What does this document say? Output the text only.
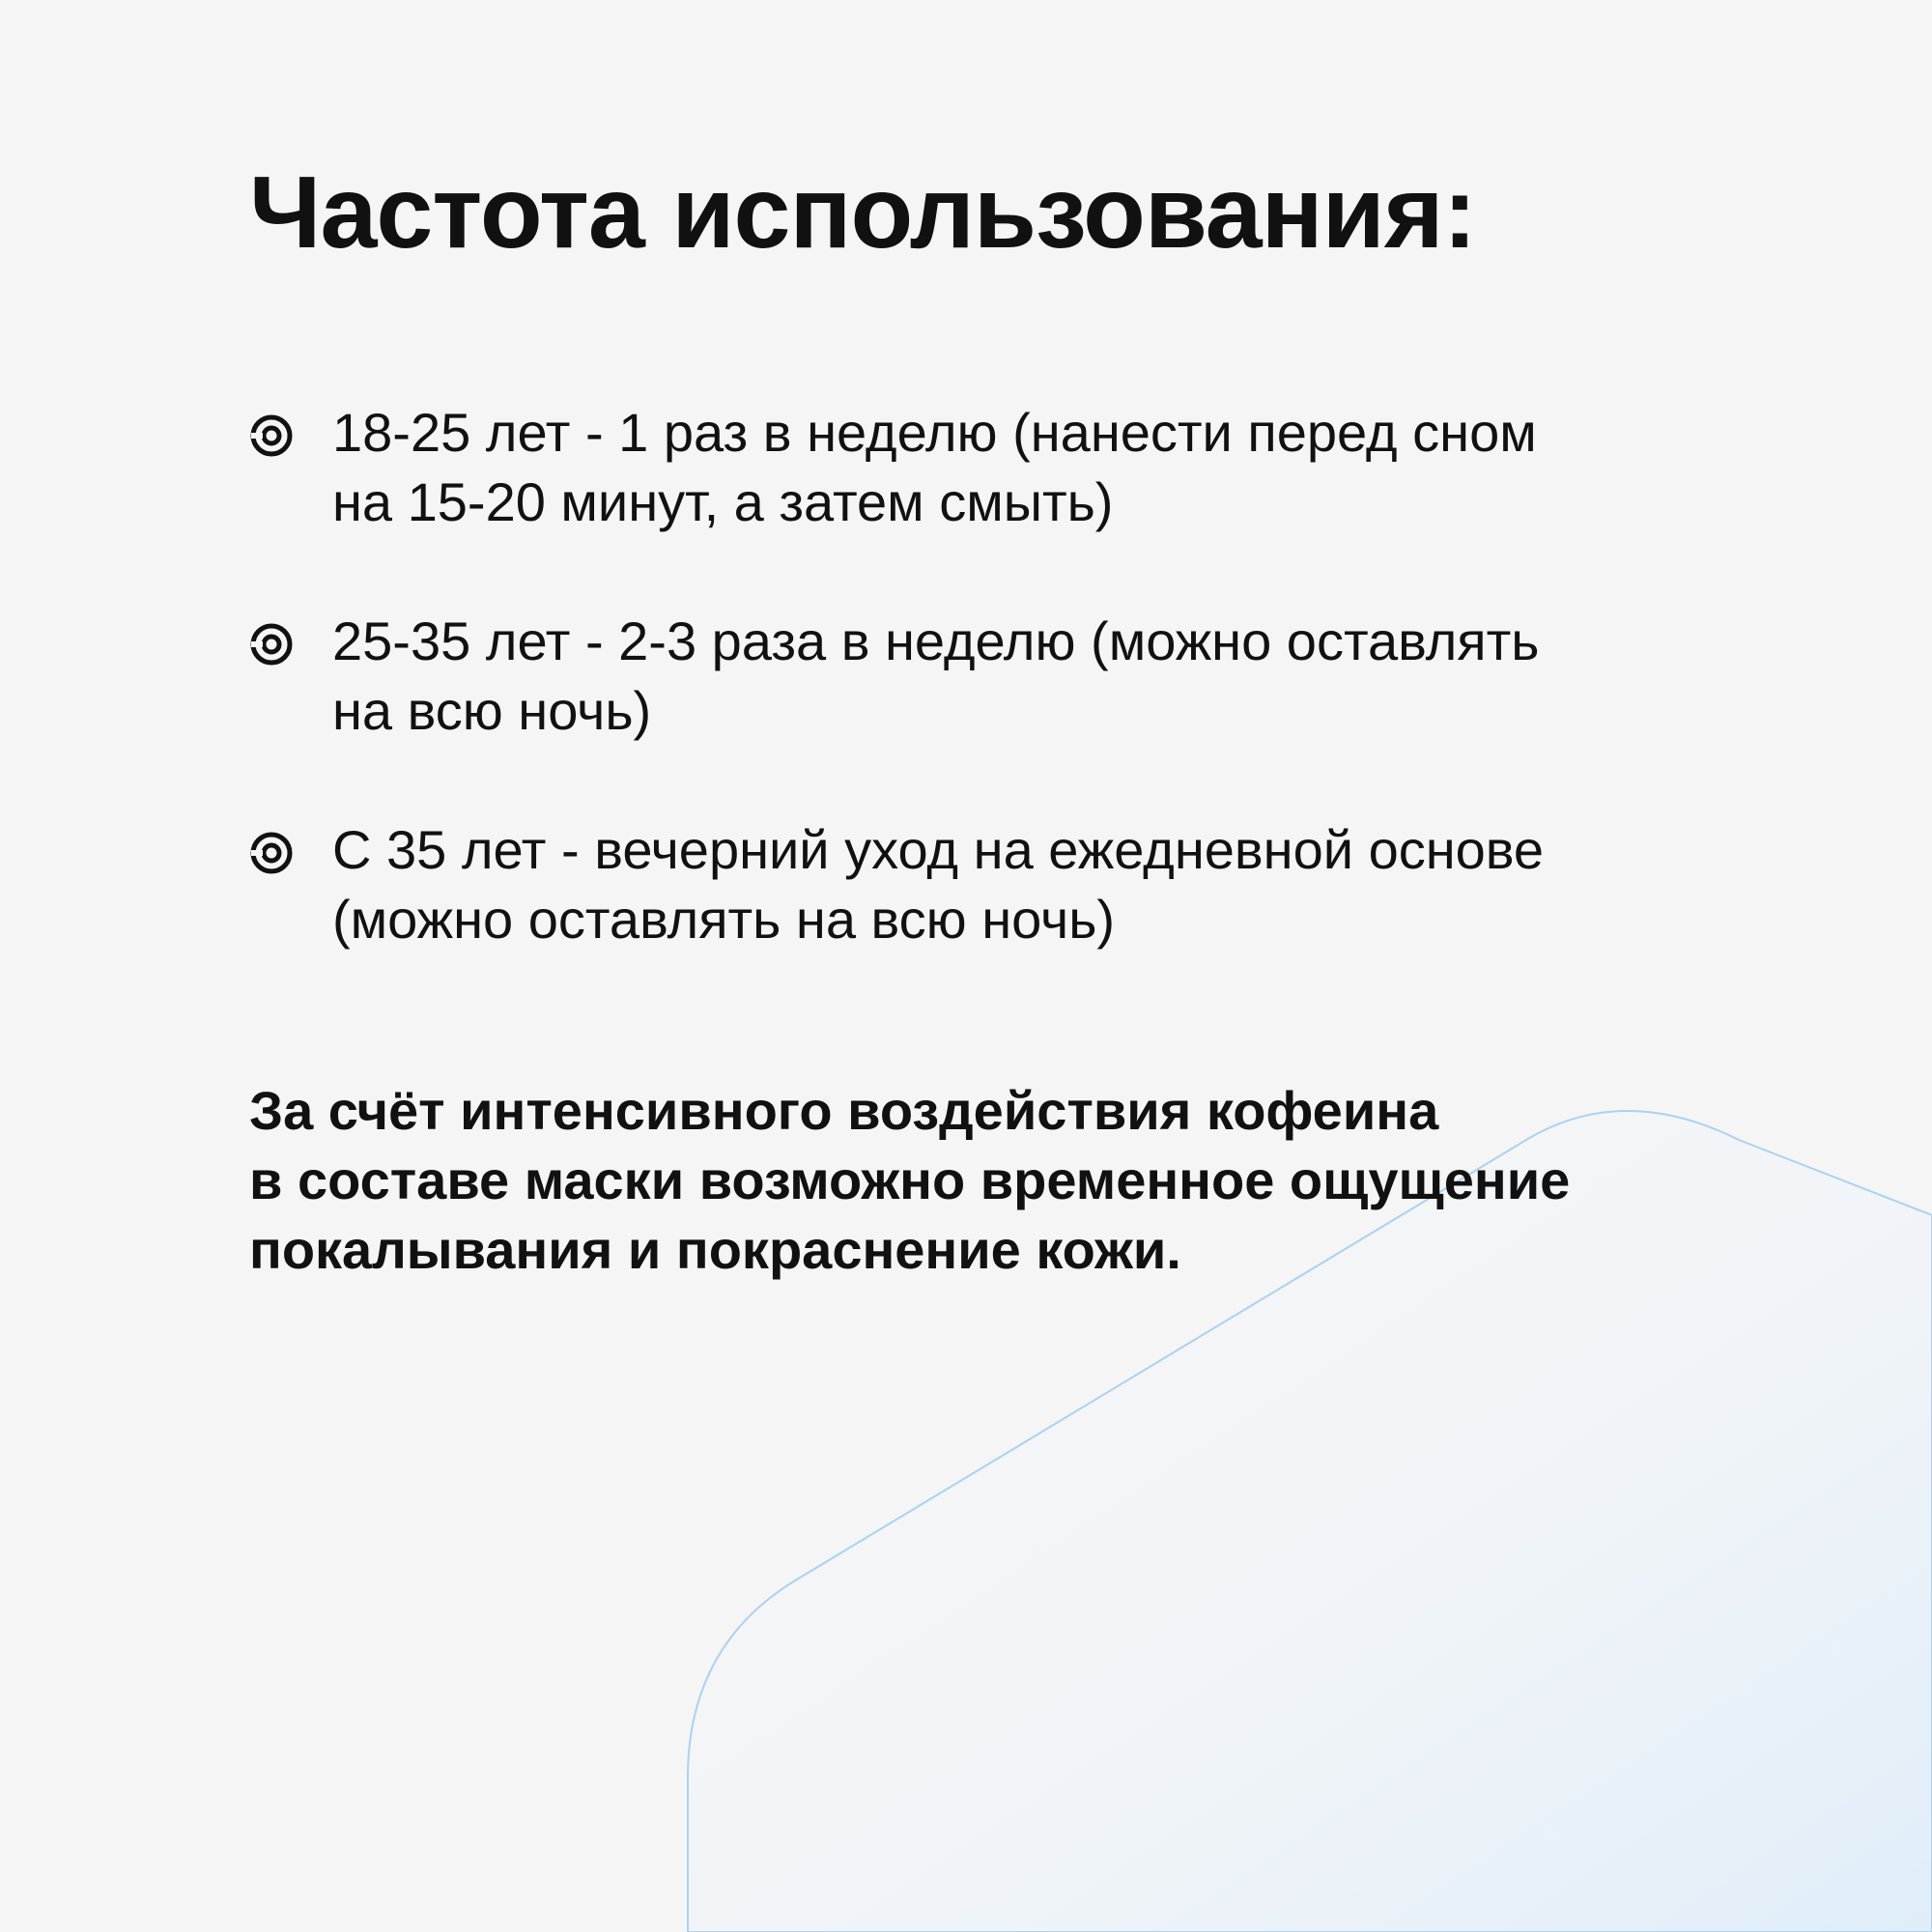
Частота использования:
18-25 лет - 1 раз в неделю (нанести перед сном
на 15-20 минут, а затем смыть)
25-35 лет - 2-3 раза в неделю (можно оставлять
на всю ночь)
С 35 лет - вечерний уход на ежедневной основе
(можно оставлять на всю ночь)

За счёт интенсивного воздействия кофеина
в составе маски возможно временное ощущение
покалывания и покраснение кожи.
